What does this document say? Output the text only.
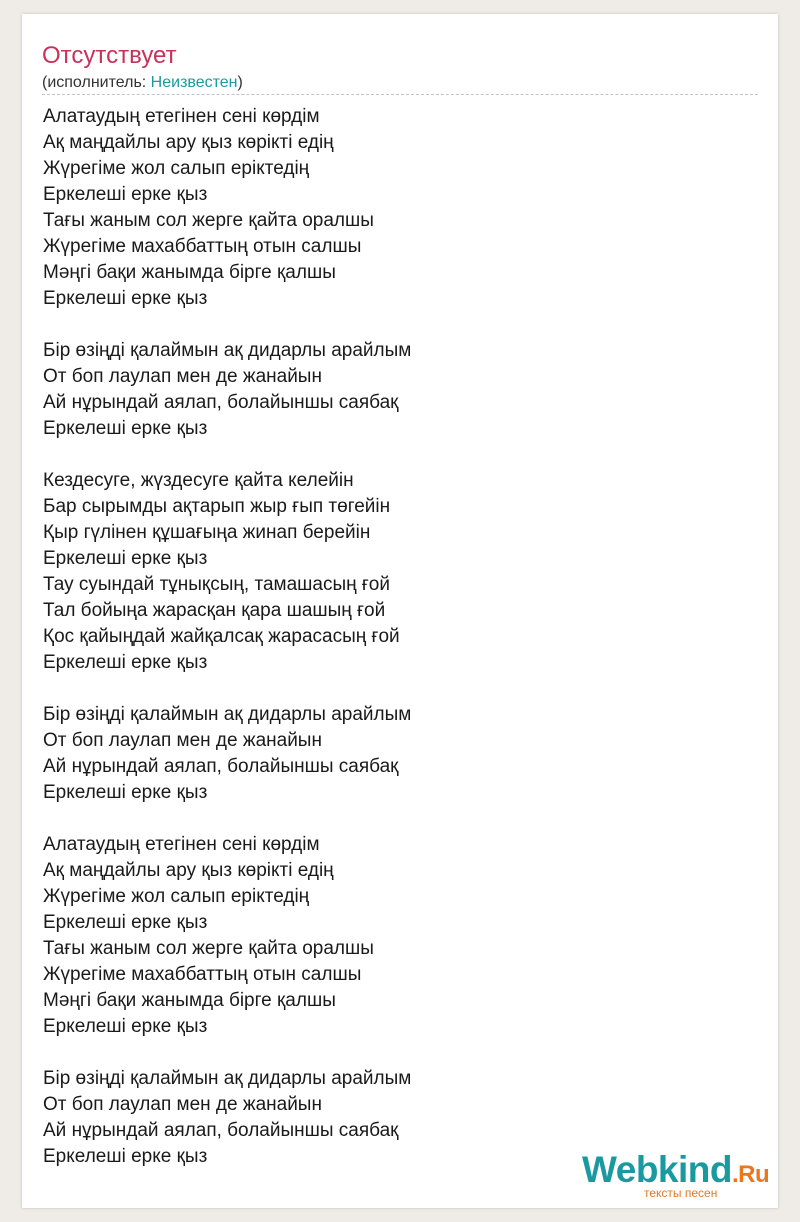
Отсутствует
(исполнитель: Неизвестен)
Алатаудың етегінен сені көрдім
Ақ маңдайлы ару қыз көрікті едің
Жүрегіме жол салып еріктедің
Еркелеші ерке қыз
Тағы жаным сол жерге қайта оралшы
Жүрегіме махаббаттың отын салшы
Мәңгі бақи жанымда бірге қалшы
Еркелеші ерке қыз
Бір өзіңді қалаймын ақ дидарлы арайлым
От боп лаулап мен де жанайын
Ай нұрындай аялап, болайыншы саябақ
Еркелеші ерке қыз
Кездесуге, жүздесуге қайта келейін
Бар сырымды ақтарып жыр ғып төгейін
Қыр гүлінен құшағыңа жинап берейін
Еркелеші ерке қыз
Тау суындай тұнықсың, тамашасың ғой
Тал бойыңа жарасқан қара шашың ғой
Қос қайыңдай жайқалсақ жарасасың ғой
Еркелеші ерке қыз
Бір өзіңді қалаймын ақ дидарлы арайлым
От боп лаулап мен де жанайын
Ай нұрындай аялап, болайыншы саябақ
Еркелеші ерке қыз
Алатаудың етегінен сені көрдім
Ақ маңдайлы ару қыз көрікті едің
Жүрегіме жол салып еріктедің
Еркелеші ерке қыз
Тағы жаным сол жерге қайта оралшы
Жүрегіме махаббаттың отын салшы
Мәңгі бақи жанымда бірге қалшы
Еркелеші ерке қыз
Бір өзіңді қалаймын ақ дидарлы арайлым
От боп лаулап мен де жанайын
Ай нұрындай аялап, болайыншы саябақ
Еркелеші ерке қыз	Webkind.Ru
тексты песен
